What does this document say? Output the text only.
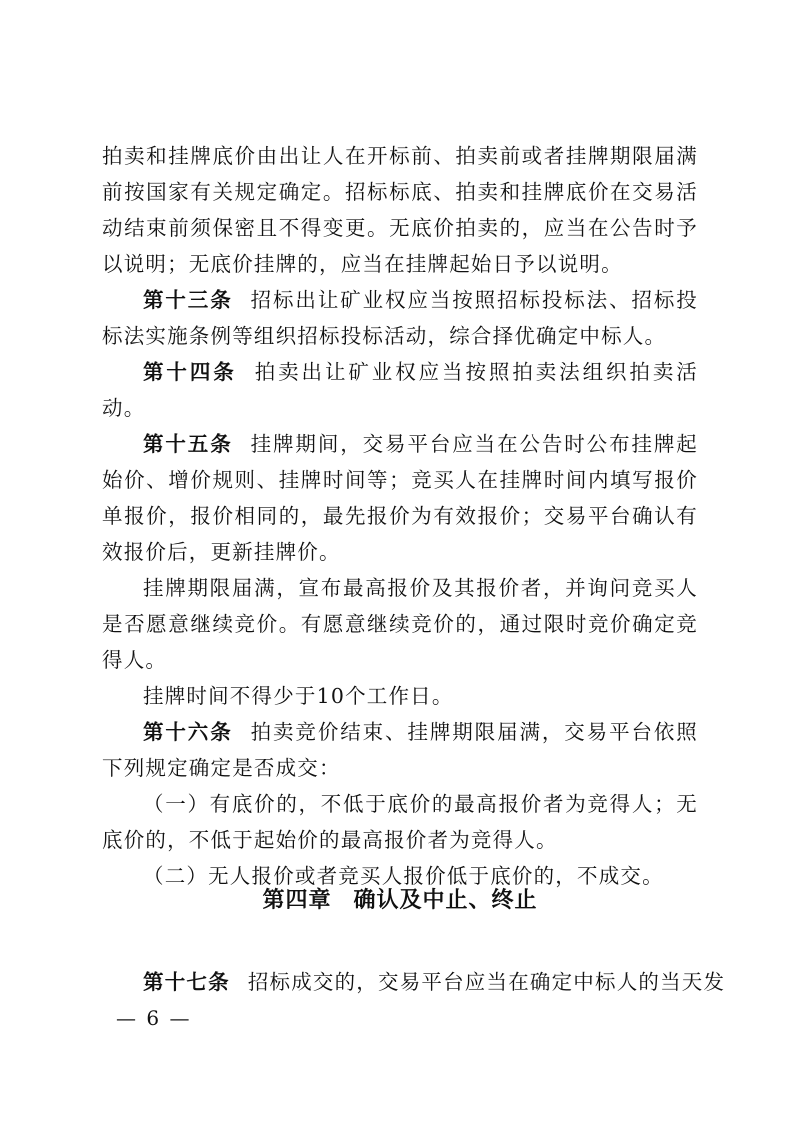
拍卖和挂牌底价由出让人在开标前、拍卖前或者挂牌期限届满前按国家有关规定确定。招标标底、拍卖和挂牌底价在交易活动结束前须保密且不得变更。无底价拍卖的，应当在公告时予以说明；无底价挂牌的，应当在挂牌起始日予以说明。

第十三条 招标出让矿业权应当按照招标投标法、招标投标法实施条例等组织招标投标活动，综合择优确定中标人。

第十四条 拍卖出让矿业权应当按照拍卖法组织拍卖活动。

第十五条 挂牌期间，交易平台应当在公告时公布挂牌起始价、增价规则、挂牌时间等；竞买人在挂牌时间内填写报价单报价，报价相同的，最先报价为有效报价；交易平台确认有效报价后，更新挂牌价。

挂牌期限届满，宣布最高报价及其报价者，并询问竞买人是否愿意继续竞价。有愿意继续竞价的，通过限时竞价确定竞得人。

挂牌时间不得少于10个工作日。

第十六条 拍卖竞价结束、挂牌期限届满，交易平台依照下列规定确定是否成交：

（一）有底价的，不低于底价的最高报价者为竞得人；无底价的，不低于起始价的最高报价者为竞得人。

（二）无人报价或者竞买人报价低于底价的，不成交。

第四章 确认及中止、终止
第十七条 招标成交的，交易平台应当在确定中标人的当天发
— 6 —
